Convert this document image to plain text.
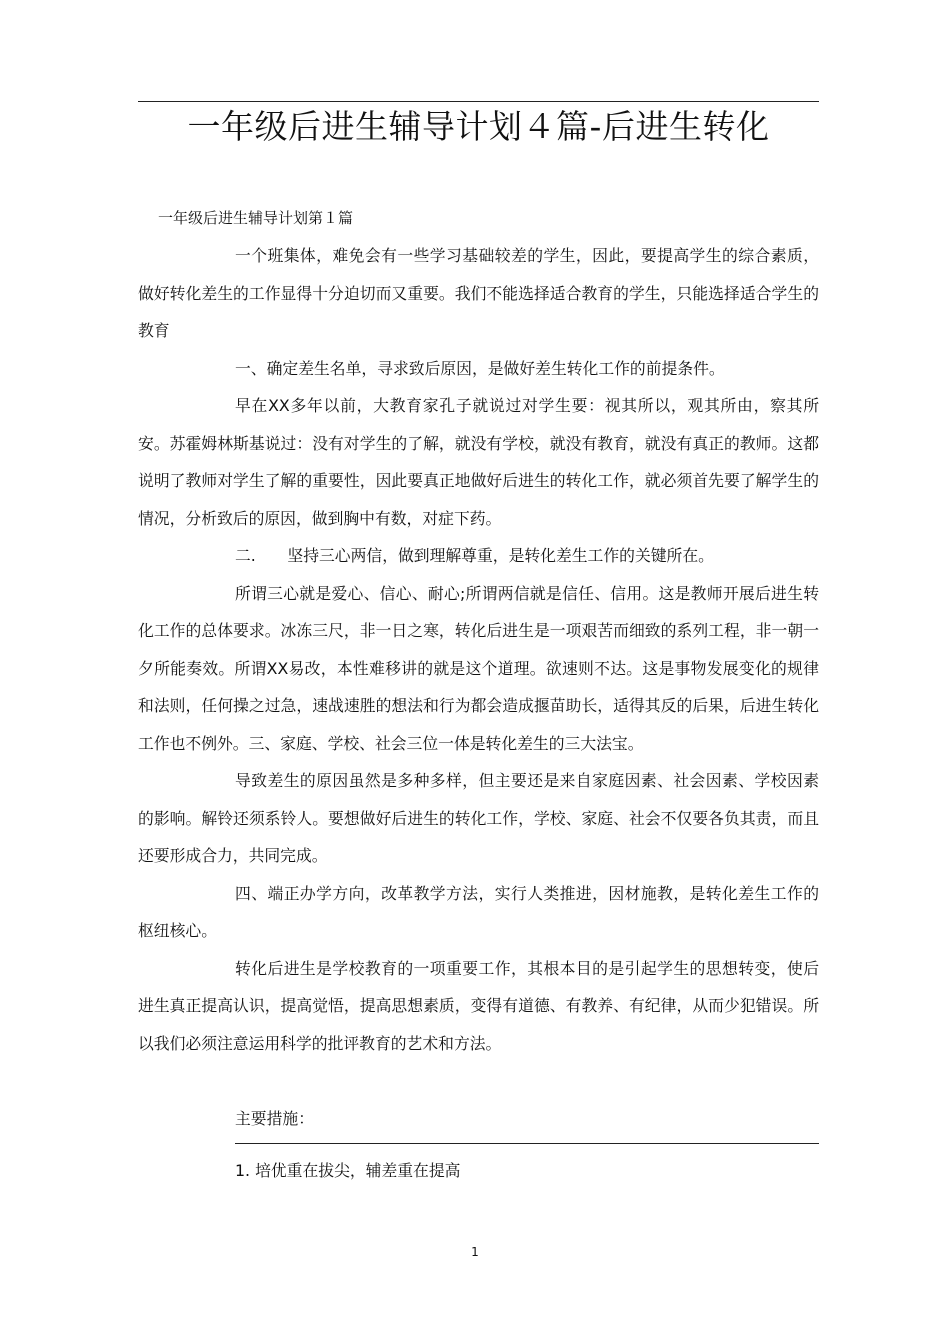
一年级后进生辅导计划４篇-后进生转化
一年级后进生辅导计划第１篇

一个班集体，难免会有一些学习基础较差的学生，因此，要提高学生的综合素质，做好转化差生的工作显得十分迫切而又重要。我们不能选择适合教育的学生，只能选择适合学生的教育

一、确定差生名单，寻求致后原因，是做好差生转化工作的前提条件。

早在XX多年以前，大教育家孔子就说过对学生要：视其所以，观其所由，察其所安。苏霍姆林斯基说过：没有对学生的了解，就没有学校，就没有教育，就没有真正的教师。这都说明了教师对学生了解的重要性，因此要真正地做好后进生的转化工作，就必须首先要了解学生的情况，分析致后的原因，做到胸中有数，对症下药。

二.　　坚持三心两信，做到理解尊重，是转化差生工作的关键所在。

所谓三心就是爱心、信心、耐心;所谓两信就是信任、信用。这是教师开展后进生转化工作的总体要求。冰冻三尺，非一日之寒，转化后进生是一项艰苦而细致的系列工程，非一朝一夕所能奏效。所谓XX易改，本性难移讲的就是这个道理。欲速则不达。这是事物发展变化的规律和法则，任何操之过急，速战速胜的想法和行为都会造成揠苗助长，适得其反的后果，后进生转化工作也不例外。三、家庭、学校、社会三位一体是转化差生的三大法宝。

导致差生的原因虽然是多种多样，但主要还是来自家庭因素、社会因素、学校因素的影响。解铃还须系铃人。要想做好后进生的转化工作，学校、家庭、社会不仅要各负其责，而且还要形成合力，共同完成。

四、端正办学方向，改革教学方法，实行人类推进，因材施教，是转化差生工作的枢纽核心。

转化后进生是学校教育的一项重要工作，其根本目的是引起学生的思想转变，使后进生真正提高认识，提高觉悟，提高思想素质，变得有道德、有教养、有纪律，从而少犯错误。所以我们必须注意运用科学的批评教育的艺术和方法。

主要措施：
1. 培优重在拔尖，辅差重在提高
1
